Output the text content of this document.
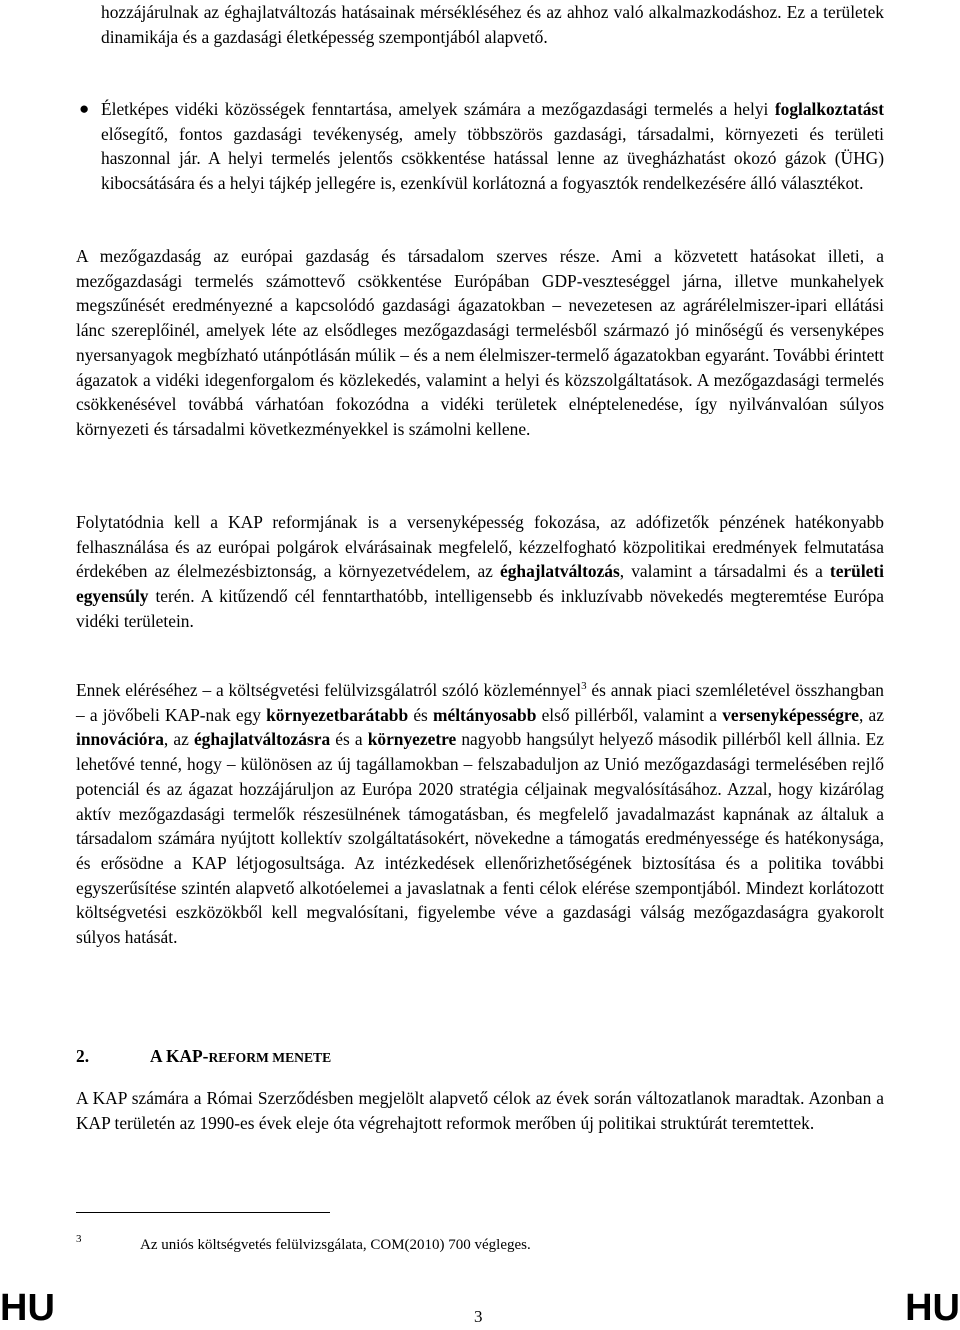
hozzájárulnak az éghajlatváltozás hatásainak mérsékléséhez és az ahhoz való alkalmazkodáshoz. Ez a területek dinamikája és a gazdasági életképesség szempontjából alapvető.

● Életképes vidéki közösségek fenntartása, amelyek számára a mezőgazdasági termelés a helyi foglalkoztatást elősegítő, fontos gazdasági tevékenység, amely többszörös gazdasági, társadalmi, környezeti és területi haszonnal jár. A helyi termelés jelentős csökkentése hatással lenne az üvegházhatást okozó gázok (ÜHG) kibocsátására és a helyi tájkép jellegére is, ezenkívül korlátozná a fogyasztók rendelkezésére álló választékot.

A mezőgazdaság az európai gazdaság és társadalom szerves része. Ami a közvetett hatásokat illeti, a mezőgazdasági termelés számottevő csökkentése Európában GDP-veszteséggel járna, illetve munkahelyek megszűnését eredményezné a kapcsolódó gazdasági ágazatokban – nevezetesen az agrárélelmiszer-ipari ellátási lánc szereplőinél, amelyek léte az elsődleges mezőgazdasági termelésből származó jó minőségű és versenyképes nyersanyagok megbízható utánpótlásán múlik – és a nem élelmiszer-termelő ágazatokban egyaránt. További érintett ágazatok a vidéki idegenforgalom és közlekedés, valamint a helyi és közszolgáltatások. A mezőgazdasági termelés csökkenésével továbbá várhatóan fokozódna a vidéki területek elnéptelenedése, így nyilvánvalóan súlyos környezeti és társadalmi következményekkel is számolni kellene.

Folytatódnia kell a KAP reformjának is a versenyképesség fokozása, az adófizetők pénzének hatékonyabb felhasználása és az európai polgárok elvárásainak megfelelő, kézzelfogható közpolitikai eredmények felmutatása érdekében az élelmezésbiztonság, a környezetvédelem, az éghajlatváltozás, valamint a társadalmi és a területi egyensúly terén. A kitűzendő cél fenntarthatóbb, intelligensebb és inkluzívabb növekedés megteremtése Európa vidéki területein.

Ennek eléréséhez – a költségvetési felülvizsgálatról szóló közleménnyel$^3$ és annak piaci szemléletével összhangban – a jövőbeli KAP-nak egy környezetbarátabb és méltányosabb első pillérből, valamint a versenyképességre, az innovációra, az éghajlatváltozásra és a környezetre nagyobb hangsúlyt helyező második pillérből kell állnia. Ez lehetővé tenné, hogy – különösen az új tagállamokban – felszabaduljon az Unió mezőgazdasági termelésében rejlő potenciál és az ágazat hozzájáruljon az Európa 2020 stratégia céljainak megvalósításához. Azzal, hogy kizárólag aktív mezőgazdasági termelők részesülnének támogatásban, és megfelelő javadalmazást kapnának az általuk a társadalom számára nyújtott kollektív szolgáltatásokért, növekedne a támogatás eredményessége és hatékonysága, és erősödne a KAP létjogosultsága. Az intézkedések ellenőrizhetőségének biztosítása és a politika további egyszerűsítése szintén alapvető alkotóelemei a javaslatnak a fenti célok elérése szempontjából. Mindezt korlátozott költségvetési eszközökből kell megvalósítani, figyelembe véve a gazdasági válság mezőgazdaságra gyakorolt súlyos hatását.

2.	A KAP-REFORM MENETE

A KAP számára a Római Szerződésben megjelölt alapvető célok az évek során változatlanok maradtak. Azonban a KAP területén az 1990-es évek eleje óta végrehajtott reformok merőben új politikai struktúrát teremtettek.

3	Az uniós költségvetés felülvizsgálata, COM(2010) 700 végleges.
HU	3	HU
